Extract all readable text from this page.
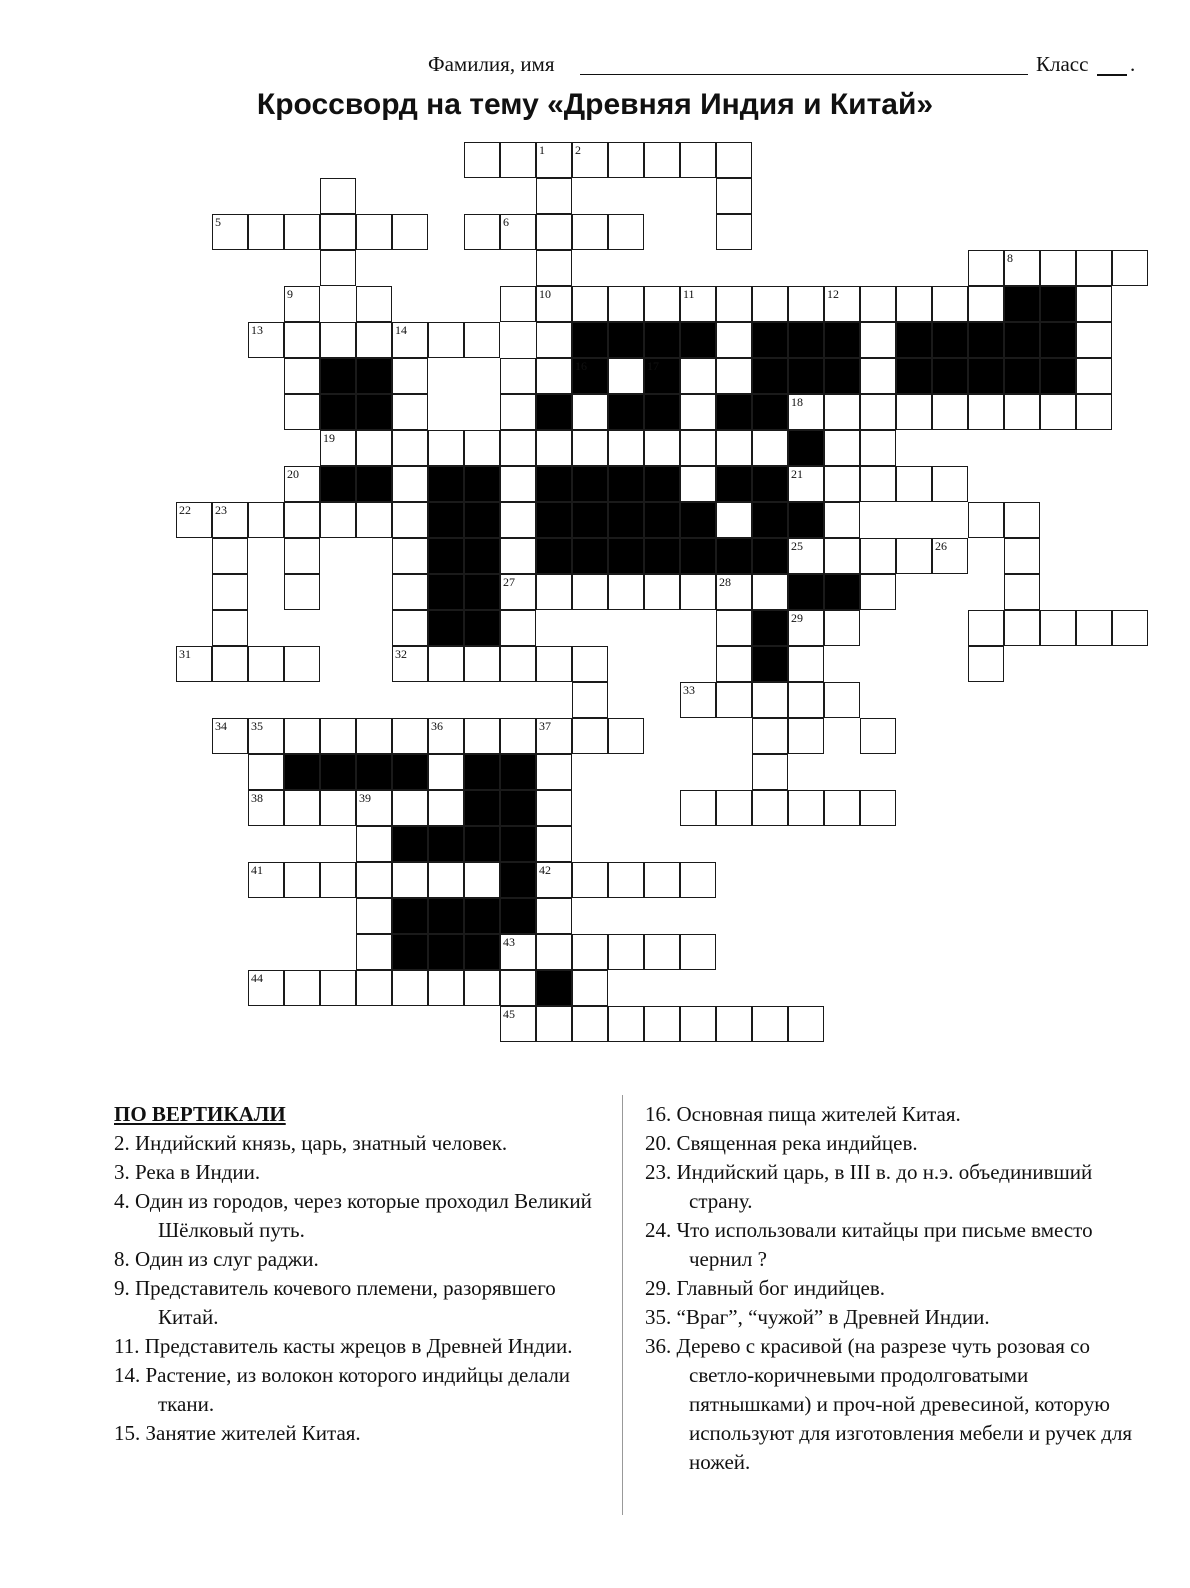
Фамилия, имя	Класс .
Кроссворд на тему «Древняя Индия и Китай»
1	2
5	6
8
9	10	11	12
13	14
16	17
18
19
20	21
22 23
25	26
27	28
29
31	32
33
34 35	36	37
38	39
41	42
43
44
45
ПО ВЕРТИКАЛИ
2. Индийский князь, царь, знатный человек.
3. Река в Индии.
4. Один из городов, через которые проходил Великий Шёлковый путь.
8. Один из слуг раджи.
9. Представитель кочевого племени, разорявшего Китай.
11. Представитель касты жрецов в Древней Индии.
14. Растение, из волокон которого индийцы делали ткани.
15. Занятие жителей Китая.
16. Основная пища жителей Китая.
20. Священная река индийцев.
23. Индийский царь, в III в. до н.э. объединивший страну.
24. Что использовали китайцы при письме вместо чернил ?
29. Главный бог индийцев.
35. “Враг”, “чужой” в Древней Индии.
36. Дерево с красивой (на разрезе чуть розовая со светло-коричневыми продолговатыми пятнышками) и проч-ной древесиной, которую используют для изготовления мебели и ручек для ножей.
